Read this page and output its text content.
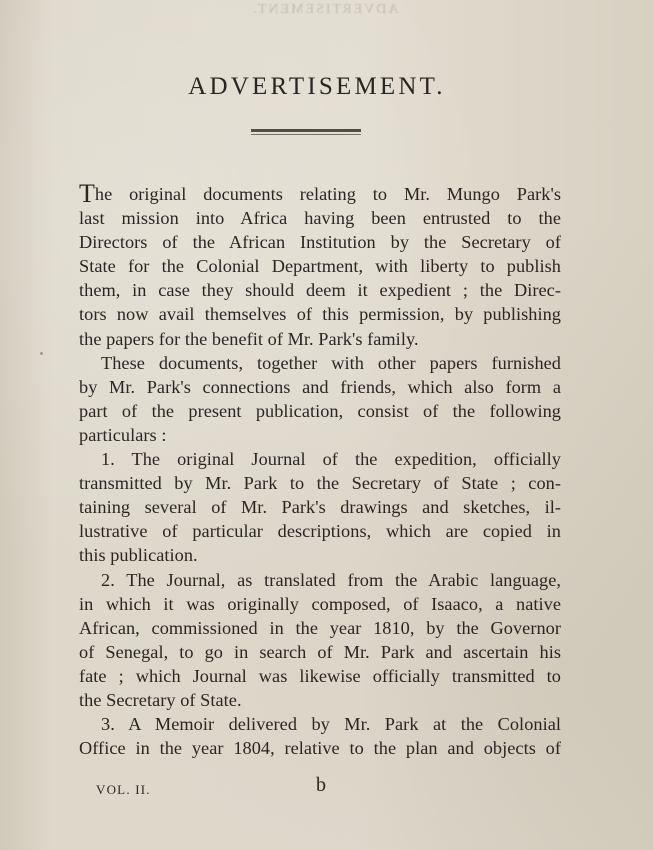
ADVERTISEMENT.
ADVERTISEMENT.
The original documents relating to Mr. Mungo Park's
last mission into Africa having been entrusted to the
Directors of the African Institution by the Secretary of
State for the Colonial Department, with liberty to publish
them, in case they should deem it expedient ; the Direc-
tors now avail themselves of this permission, by publishing
the papers for the benefit of Mr. Park's family.
These documents, together with other papers furnished
by Mr. Park's connections and friends, which also form a
part of the present publication, consist of the following
particulars :
1. The original Journal of the expedition, officially
transmitted by Mr. Park to the Secretary of State ; con-
taining several of Mr. Park's drawings and sketches, il-
lustrative of particular descriptions, which are copied in
this publication.
2. The Journal, as translated from the Arabic language,
in which it was originally composed, of Isaaco, a native
African, commissioned in the year 1810, by the Governor
of Senegal, to go in search of Mr. Park and ascertain his
fate ; which Journal was likewise officially transmitted to
the Secretary of State.
3. A Memoir delivered by Mr. Park at the Colonial
Office in the year 1804, relative to the plan and objects of
VOL. II.	b
